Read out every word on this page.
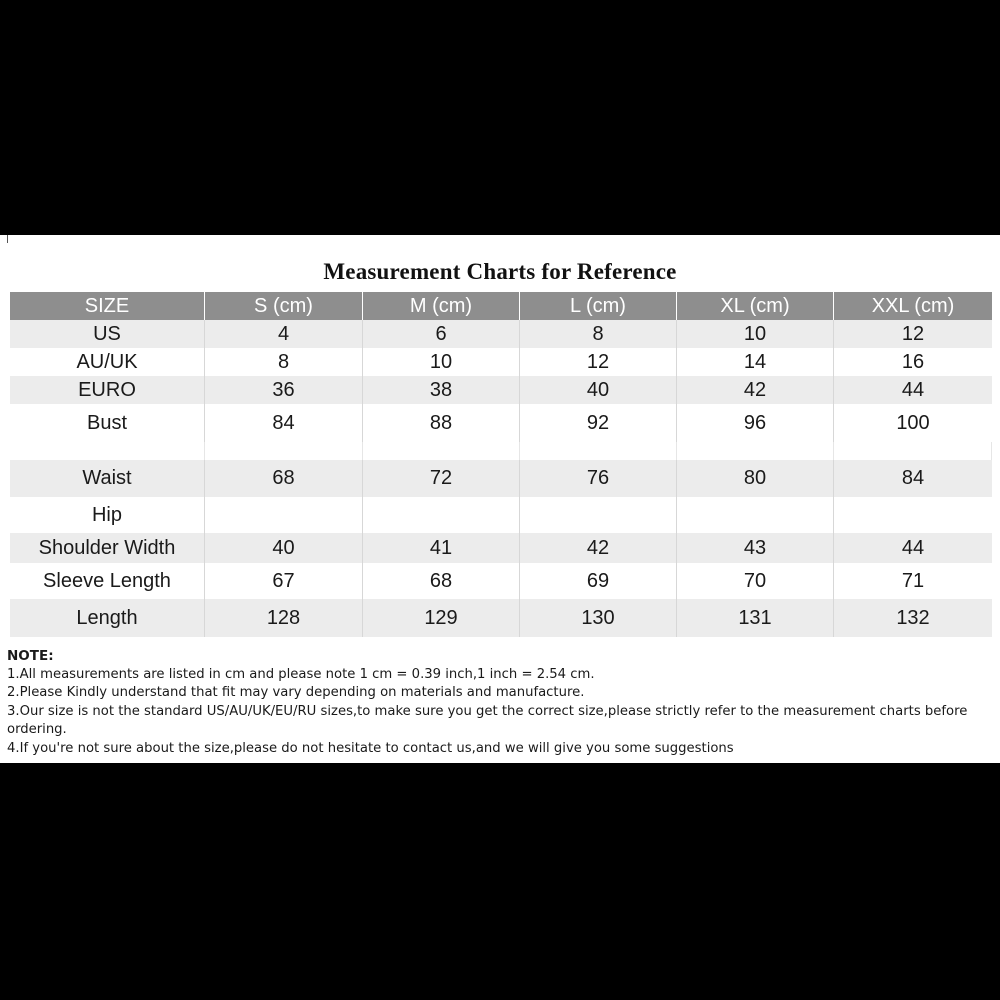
Measurement Charts for Reference
SIZE	S (cm)	M (cm)	L (cm)	XL (cm)	XXL (cm)
US	4	6	8	10	12
AU/UK	8	10	12	14	16
EURO	36	38	40	42	44
Bust	84	88	92	96	100
Waist	68	72	76	80	84
Hip
Shoulder Width	40	41	42	43	44
Sleeve Length	67	68	69	70	71
Length	128	129	130	131	132
NOTE:
1.All measurements are listed in cm and please note 1 cm = 0.39 inch,1 inch = 2.54 cm.
2.Please Kindly understand that fit may vary depending on materials and manufacture.
3.Our size is not the standard US/AU/UK/EU/RU sizes,to make sure you get the correct size,please strictly refer to the measurement charts before ordering.
4.If you're not sure about the size,please do not hesitate to contact us,and we will give you some suggestions
